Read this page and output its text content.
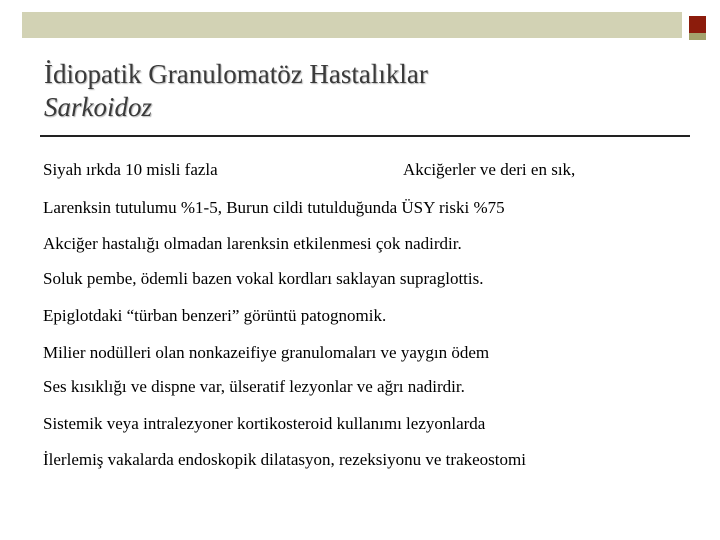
İdiopatik Granulomatöz Hastalıklar
Sarkoidoz
Siyah ırkda 10 misli fazla	Akciğerler ve deri en sık,
Larenksin tutulumu %1-5, Burun cildi tutulduğunda ÜSY riski %75
Akciğer hastalığı olmadan larenksin etkilenmesi çok nadirdir.
Soluk pembe, ödemli bazen vokal kordları saklayan supraglottis.
Epiglotdaki “türban benzeri” görüntü patognomik.
Milier nodülleri olan nonkazeifiye granulomaları ve yaygın ödem
Ses kısıklığı ve dispne var, ülseratif lezyonlar ve ağrı nadirdir.
Sistemik veya intralezyoner kortikosteroid kullanımı lezyonlarda
İlerlemiş vakalarda endoskopik dilatasyon, rezeksiyonu ve trakeostomi
